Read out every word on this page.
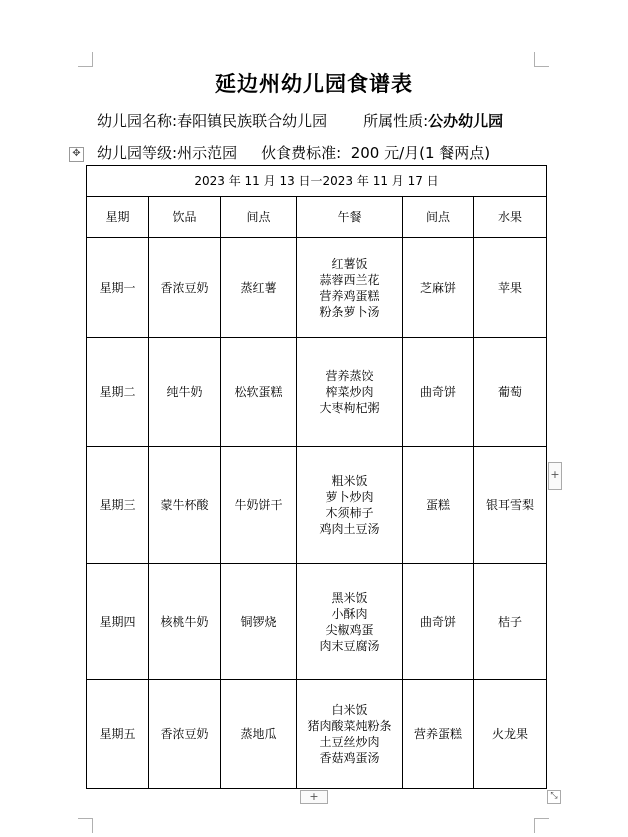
延边州幼儿园食谱表
幼儿园名称:春阳镇民族联合幼儿园 所属性质:公办幼儿园
幼儿园等级:州示范园 伙食费标准: 200 元/月(1 餐两点)
✥
2023 年 11 月 13 日一2023 年 11 月 17 日					
星期	饮品	间点	午餐	间点	水果
星期一	香浓豆奶	蒸红薯	红薯饭
蒜蓉西兰花
营养鸡蛋糕
粉条萝卜汤	芝麻饼	苹果
星期二	纯牛奶	松软蛋糕	营养蒸饺
榨菜炒肉
大枣枸杞粥	曲奇饼	葡萄
星期三	蒙牛杯酸	牛奶饼干	粗米饭
萝卜炒肉
木须柿子
鸡肉土豆汤	蛋糕	银耳雪梨
星期四	核桃牛奶	铜锣烧	黑米饭
小酥肉
尖椒鸡蛋
肉末豆腐汤	曲奇饼	桔子
星期五	香浓豆奶	蒸地瓜	白米饭
猪肉酸菜炖粉条
土豆丝炒肉
香菇鸡蛋汤	营养蛋糕	火龙果
+
+	⤡
